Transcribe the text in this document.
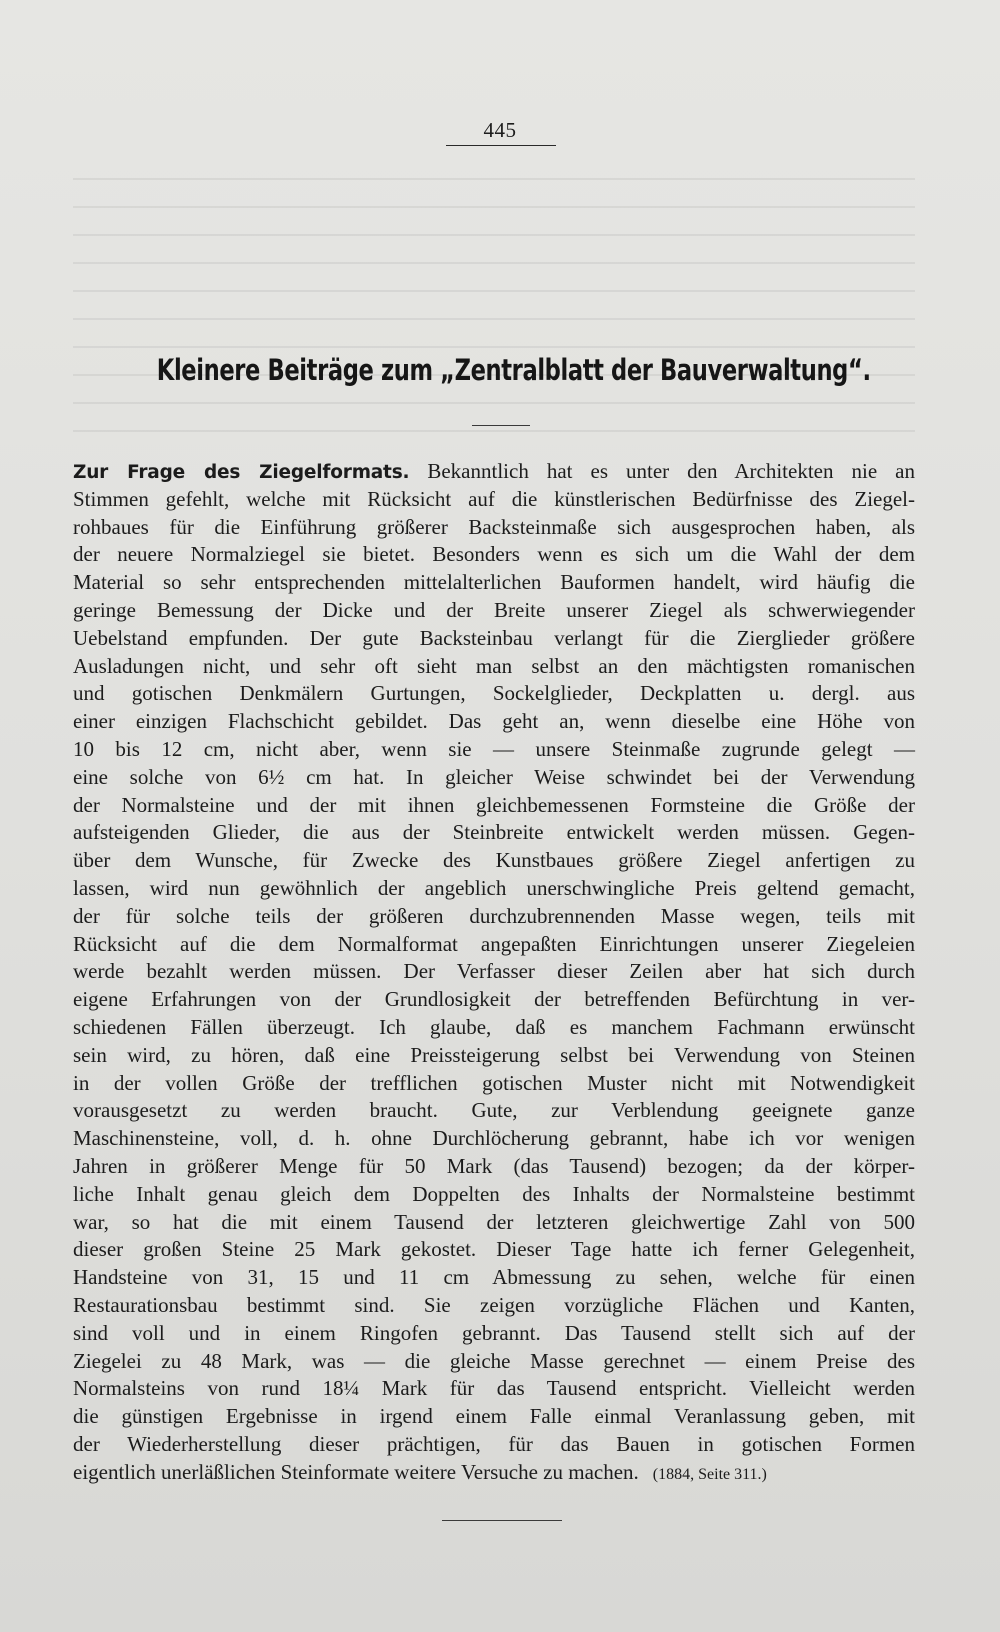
445
Kleinere Beiträge zum „Zentralblatt der Bauverwaltung“.
Zur Frage des Ziegelformats. Bekanntlich hat es unter den Architekten nie an
Stimmen gefehlt, welche mit Rücksicht auf die künstlerischen Bedürfnisse des Ziegel-
rohbaues für die Einführung größerer Backsteinmaße sich ausgesprochen haben, als
der neuere Normalziegel sie bietet. Besonders wenn es sich um die Wahl der dem
Material so sehr entsprechenden mittelalterlichen Bauformen handelt, wird häufig die
geringe Bemessung der Dicke und der Breite unserer Ziegel als schwerwiegender
Uebelstand empfunden. Der gute Backsteinbau verlangt für die Zierglieder größere
Ausladungen nicht, und sehr oft sieht man selbst an den mächtigsten romanischen
und gotischen Denkmälern Gurtungen, Sockelglieder, Deckplatten u. dergl. aus
einer einzigen Flachschicht gebildet. Das geht an, wenn dieselbe eine Höhe von
10 bis 12 cm, nicht aber, wenn sie — unsere Steinmaße zugrunde gelegt —
eine solche von 6½ cm hat. In gleicher Weise schwindet bei der Verwendung
der Normalsteine und der mit ihnen gleichbemessenen Formsteine die Größe der
aufsteigenden Glieder, die aus der Steinbreite entwickelt werden müssen. Gegen-
über dem Wunsche, für Zwecke des Kunstbaues größere Ziegel anfertigen zu
lassen, wird nun gewöhnlich der angeblich unerschwingliche Preis geltend gemacht,
der für solche teils der größeren durchzubrennenden Masse wegen, teils mit
Rücksicht auf die dem Normalformat angepaßten Einrichtungen unserer Ziegeleien
werde bezahlt werden müssen. Der Verfasser dieser Zeilen aber hat sich durch
eigene Erfahrungen von der Grundlosigkeit der betreffenden Befürchtung in ver-
schiedenen Fällen überzeugt. Ich glaube, daß es manchem Fachmann erwünscht
sein wird, zu hören, daß eine Preissteigerung selbst bei Verwendung von Steinen
in der vollen Größe der trefflichen gotischen Muster nicht mit Notwendigkeit
vorausgesetzt zu werden braucht. Gute, zur Verblendung geeignete ganze
Maschinensteine, voll, d. h. ohne Durchlöcherung gebrannt, habe ich vor wenigen
Jahren in größerer Menge für 50 Mark (das Tausend) bezogen; da der körper-
liche Inhalt genau gleich dem Doppelten des Inhalts der Normalsteine bestimmt
war, so hat die mit einem Tausend der letzteren gleichwertige Zahl von 500
dieser großen Steine 25 Mark gekostet. Dieser Tage hatte ich ferner Gelegenheit,
Handsteine von 31, 15 und 11 cm Abmessung zu sehen, welche für einen
Restaurationsbau bestimmt sind. Sie zeigen vorzügliche Flächen und Kanten,
sind voll und in einem Ringofen gebrannt. Das Tausend stellt sich auf der
Ziegelei zu 48 Mark, was — die gleiche Masse gerechnet — einem Preise des
Normalsteins von rund 18¼ Mark für das Tausend entspricht. Vielleicht werden
die günstigen Ergebnisse in irgend einem Falle einmal Veranlassung geben, mit
der Wiederherstellung dieser prächtigen, für das Bauen in gotischen Formen
eigentlich unerläßlichen Steinformate weitere Versuche zu machen. (1884, Seite 311.)
